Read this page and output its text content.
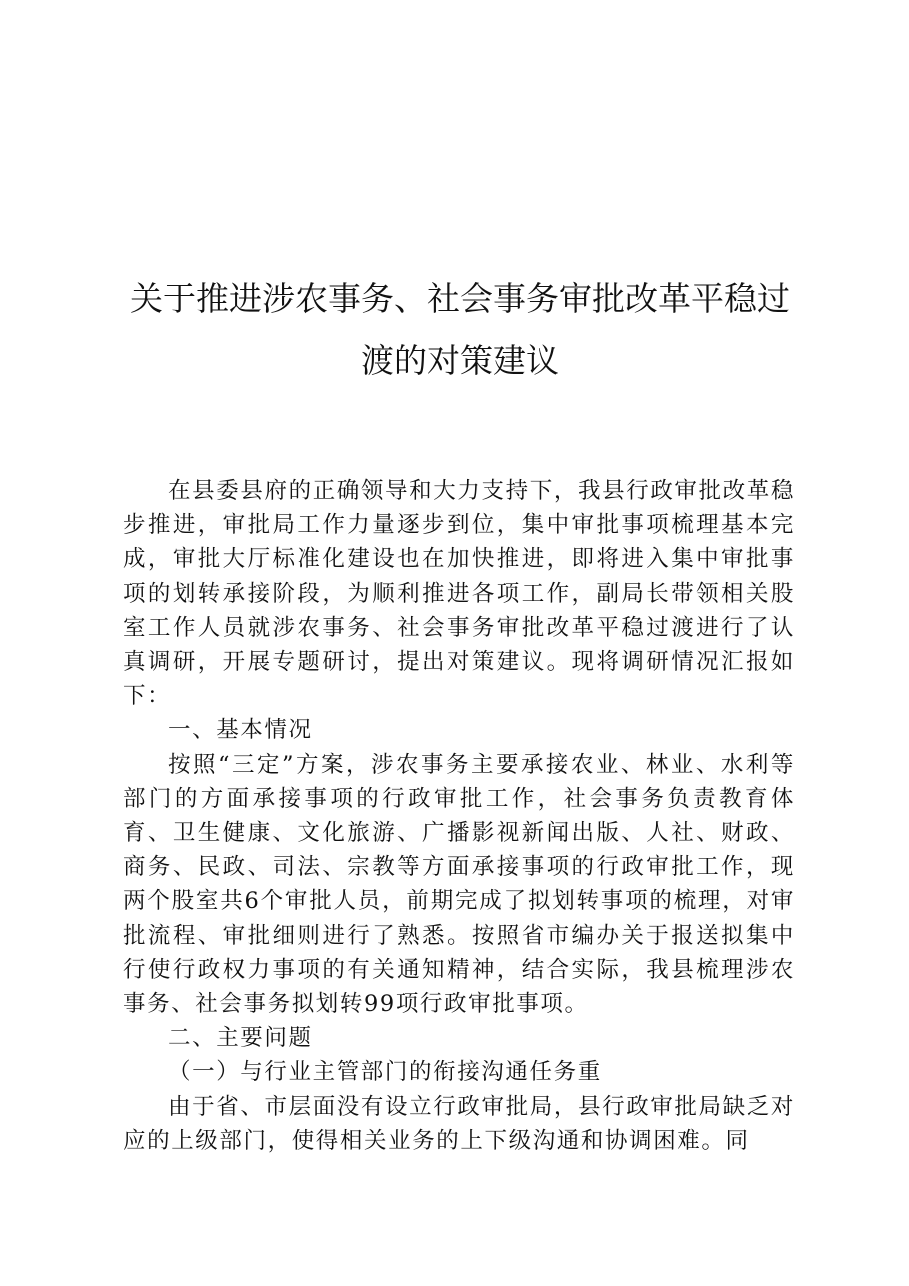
关于推进涉农事务、社会事务审批改革平稳过
渡的对策建议

在县委县府的正确领导和大力支持下，我县行政审批改革稳步推进，审批局工作力量逐步到位，集中审批事项梳理基本完成，审批大厅标准化建设也在加快推进，即将进入集中审批事项的划转承接阶段，为顺利推进各项工作，副局长带领相关股室工作人员就涉农事务、社会事务审批改革平稳过渡进行了认真调研，开展专题研讨，提出对策建议。现将调研情况汇报如下：

一、基本情况

按照“三定”方案，涉农事务主要承接农业、林业、水利等部门的方面承接事项的行政审批工作，社会事务负责教育体育、卫生健康、文化旅游、广播影视新闻出版、人社、财政、商务、民政、司法、宗教等方面承接事项的行政审批工作，现两个股室共6个审批人员，前期完成了拟划转事项的梳理，对审批流程、审批细则进行了熟悉。按照省市编办关于报送拟集中行使行政权力事项的有关通知精神，结合实际，我县梳理涉农事务、社会事务拟划转99项行政审批事项。

二、主要问题

（一）与行业主管部门的衔接沟通任务重

由于省、市层面没有设立行政审批局，县行政审批局缺乏对应的上级部门，使得相关业务的上下级沟通和协调困难。同
